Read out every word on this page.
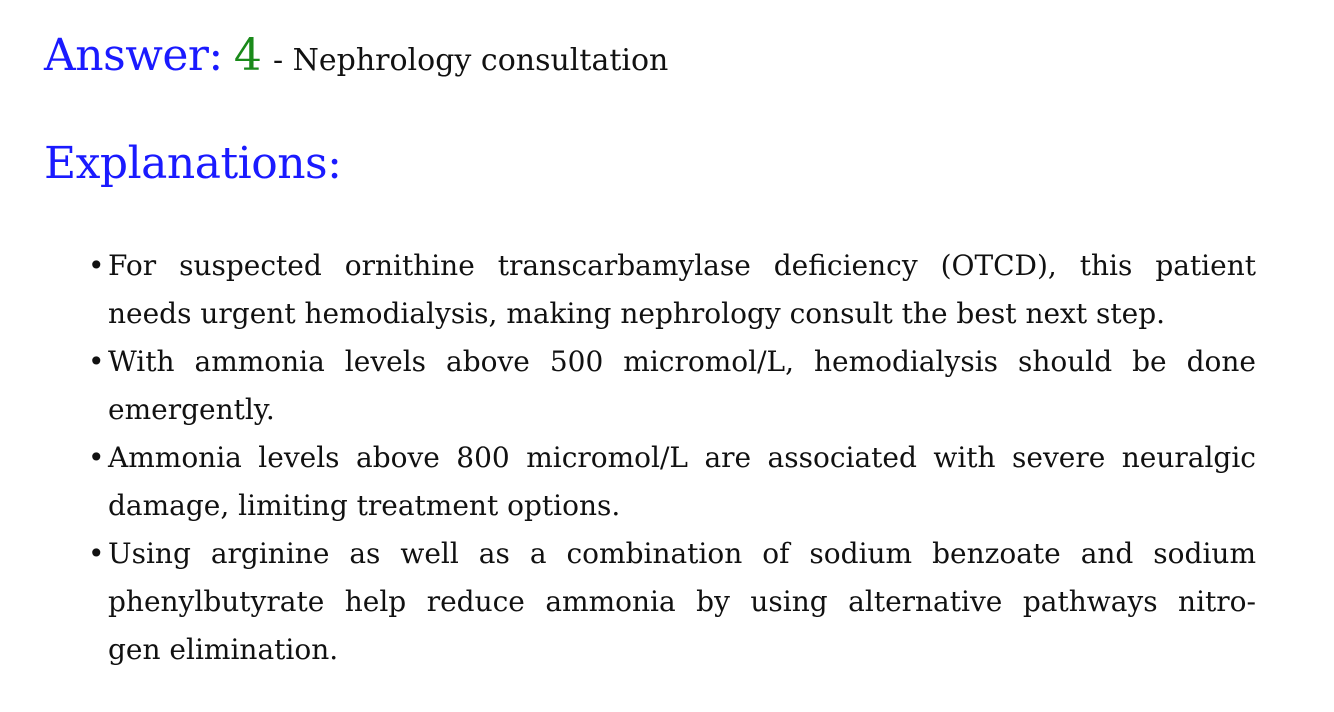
Answer: 4 - Nephrology consultation
Explanations:
• For suspected ornithine transcarbamylase deficiency (OTCD), this patient
needs urgent hemodialysis, making nephrology consult the best next step.
• With ammonia levels above 500 micromol/L, hemodialysis should be done
emergently.
• Ammonia levels above 800 micromol/L are associated with severe neuralgic
damage, limiting treatment options.
• Using arginine as well as a combination of sodium benzoate and sodium
phenylbutyrate help reduce ammonia by using alternative pathways nitro-
gen elimination.
